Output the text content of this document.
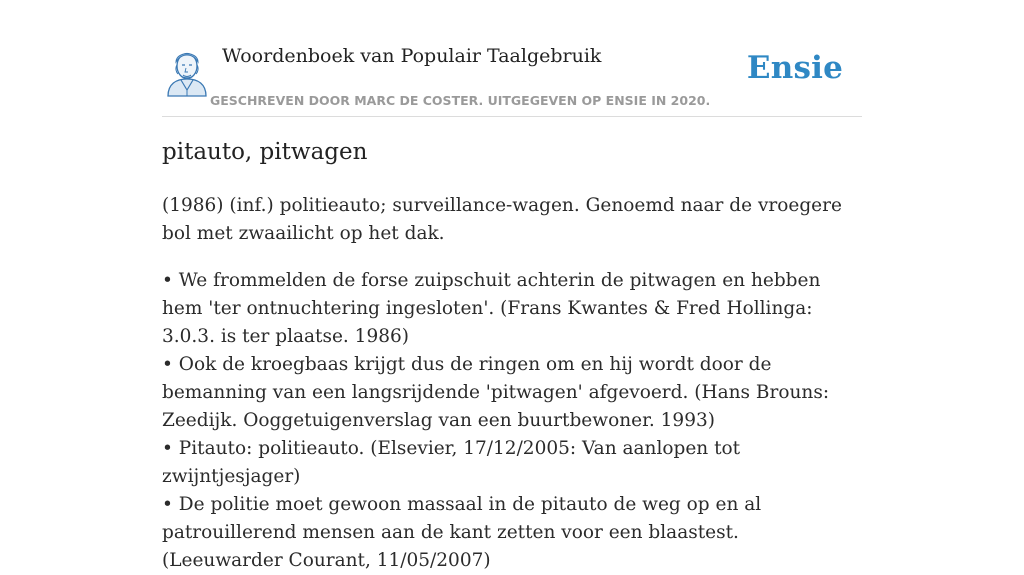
Woordenboek van Populair Taalgebruik
GESCHREVEN DOOR MARC DE COSTER. UITGEGEVEN OP ENSIE IN 2020.
Ensie
pitauto, pitwagen
(1986) (inf.) politieauto; surveillance-wagen. Genoemd naar de vroegere bol met zwaailicht op het dak.
• We frommelden de forse zuipschuit achterin de pitwagen en hebben hem 'ter ontnuchtering ingesloten'. (Frans Kwantes & Fred Hollinga: 3.0.3. is ter plaatse. 1986)
• Ook de kroegbaas krijgt dus de ringen om en hij wordt door de bemanning van een langsrijdende 'pitwagen' afgevoerd. (Hans Brouns: Zeedijk. Ooggetuigenverslag van een buurtbewoner. 1993)
• Pitauto: politieauto. (Elsevier, 17/12/2005: Van aanlopen tot zwijntjesjager)
• De politie moet gewoon massaal in de pitauto de weg op en al patrouillerend mensen aan de kant zetten voor een blaastest. (Leeuwarder Courant, 11/05/2007)
